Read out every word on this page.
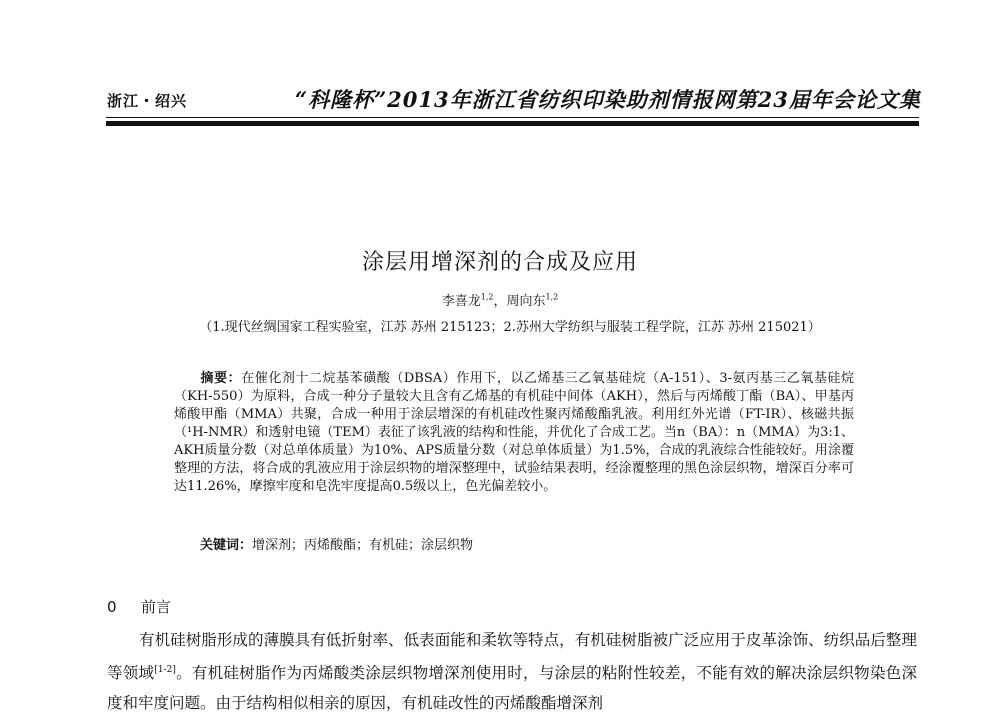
浙江・绍兴	“科隆杯”2013年浙江省纺织印染助剂情报网第23届年会论文集
涂层用增深剂的合成及应用
李喜龙$^{1,2}$，周向东$^{1,2}$
（1.现代丝绸国家工程实验室，江苏 苏州 215123；2.苏州大学纺织与服装工程学院，江苏 苏州 215021）
摘要：在催化剂十二烷基苯磺酸（DBSA）作用下，以乙烯基三乙氧基硅烷（A-151）、3-氨丙基三乙氧基硅烷（KH-550）为原料，合成一种分子量较大且含有乙烯基的有机硅中间体（AKH），然后与丙烯酸丁酯（BA）、甲基丙烯酸甲酯（MMA）共聚，合成一种用于涂层增深的有机硅改性聚丙烯酸酯乳液。利用红外光谱（FT-IR）、核磁共振（¹H-NMR）和透射电镜（TEM）表征了该乳液的结构和性能，并优化了合成工艺。当n（BA）：n（MMA）为3:1、AKH质量分数（对总单体质量）为10%、APS质量分数（对总单体质量）为1.5%，合成的乳液综合性能较好。用涂覆整理的方法，将合成的乳液应用于涂层织物的增深整理中，试验结果表明，经涂覆整理的黑色涂层织物，增深百分率可达11.26%，摩擦牢度和皂洗牢度提高0.5级以上，色光偏差较小。
关键词：增深剂；丙烯酸酯；有机硅；涂层织物
0 前言
有机硅树脂形成的薄膜具有低折射率、低表面能和柔软等特点，有机硅树脂被广泛应用于皮革涂饰、纺织品后整理等领域[1-2]。有机硅树脂作为丙烯酸类涂层织物增深剂使用时，与涂层的粘附性较差，不能有效的解决涂层织物染色深度和牢度问题。由于结构相似相亲的原因，有机硅改性的丙烯酸酯增深剂
